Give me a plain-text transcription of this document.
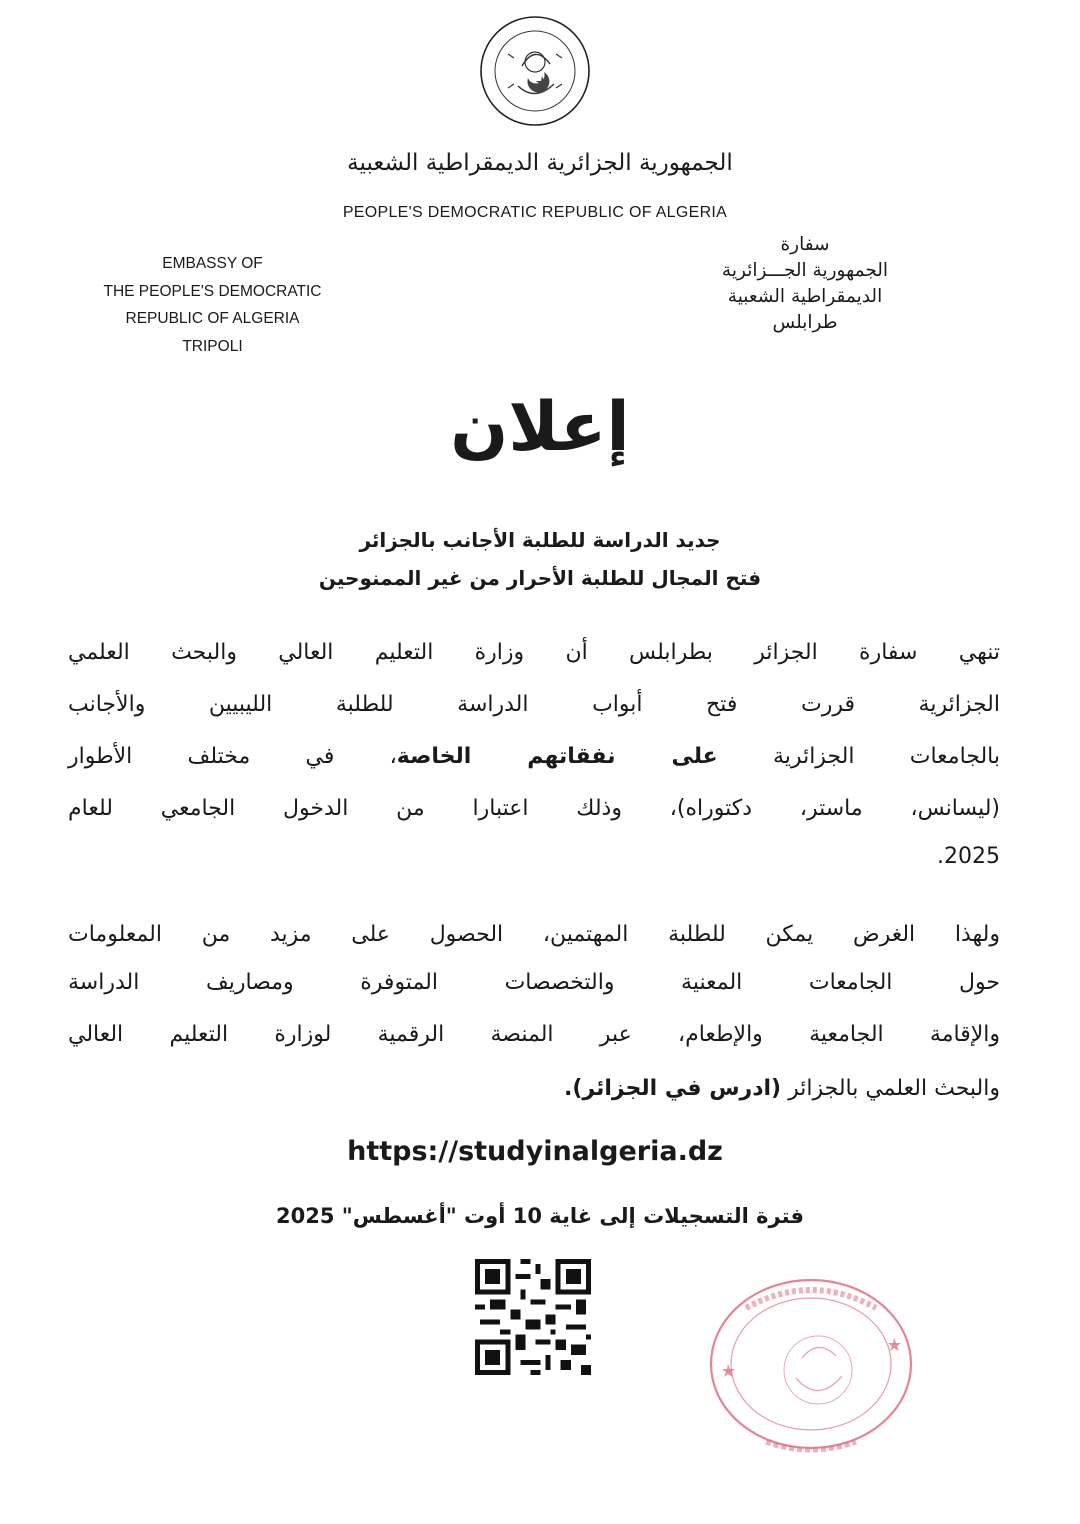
الجمهورية الجزائرية الديمقراطية الشعبية
PEOPLE'S DEMOCRATIC REPUBLIC OF ALGERIA
EMBASSY OF
THE PEOPLE'S DEMOCRATIC
REPUBLIC OF ALGERIA
TRIPOLI
سفارة
الجمهورية الجـــزائرية
الديمقراطية الشعبية
طرابلس
إعلان
جديد الدراسة للطلبة الأجانب بالجزائر
فتح المجال للطلبة الأحرار من غير الممنوحين
تنهي سفارة الجزائر بطرابلس أن وزارة التعليم العالي والبحث العلمي
الجزائرية قررت فتح أبواب الدراسة للطلبة الليبيين والأجانب
بالجامعات الجزائرية على نفقاتهم الخاصة، في مختلف الأطوار
(ليسانس، ماستر، دكتوراه)، وذلك اعتبارا من الدخول الجامعي للعام
2025.
ولهذا الغرض يمكن للطلبة المهتمين، الحصول على مزيد من المعلومات
حول الجامعات المعنية والتخصصات المتوفرة ومصاريف الدراسة
والإقامة الجامعية والإطعام، عبر المنصة الرقمية لوزارة التعليم العالي
والبحث العلمي بالجزائر (ادرس في الجزائر).
https://studyinalgeria.dz
فترة التسجيلات إلى غاية 10 أوت "أغسطس" 2025
